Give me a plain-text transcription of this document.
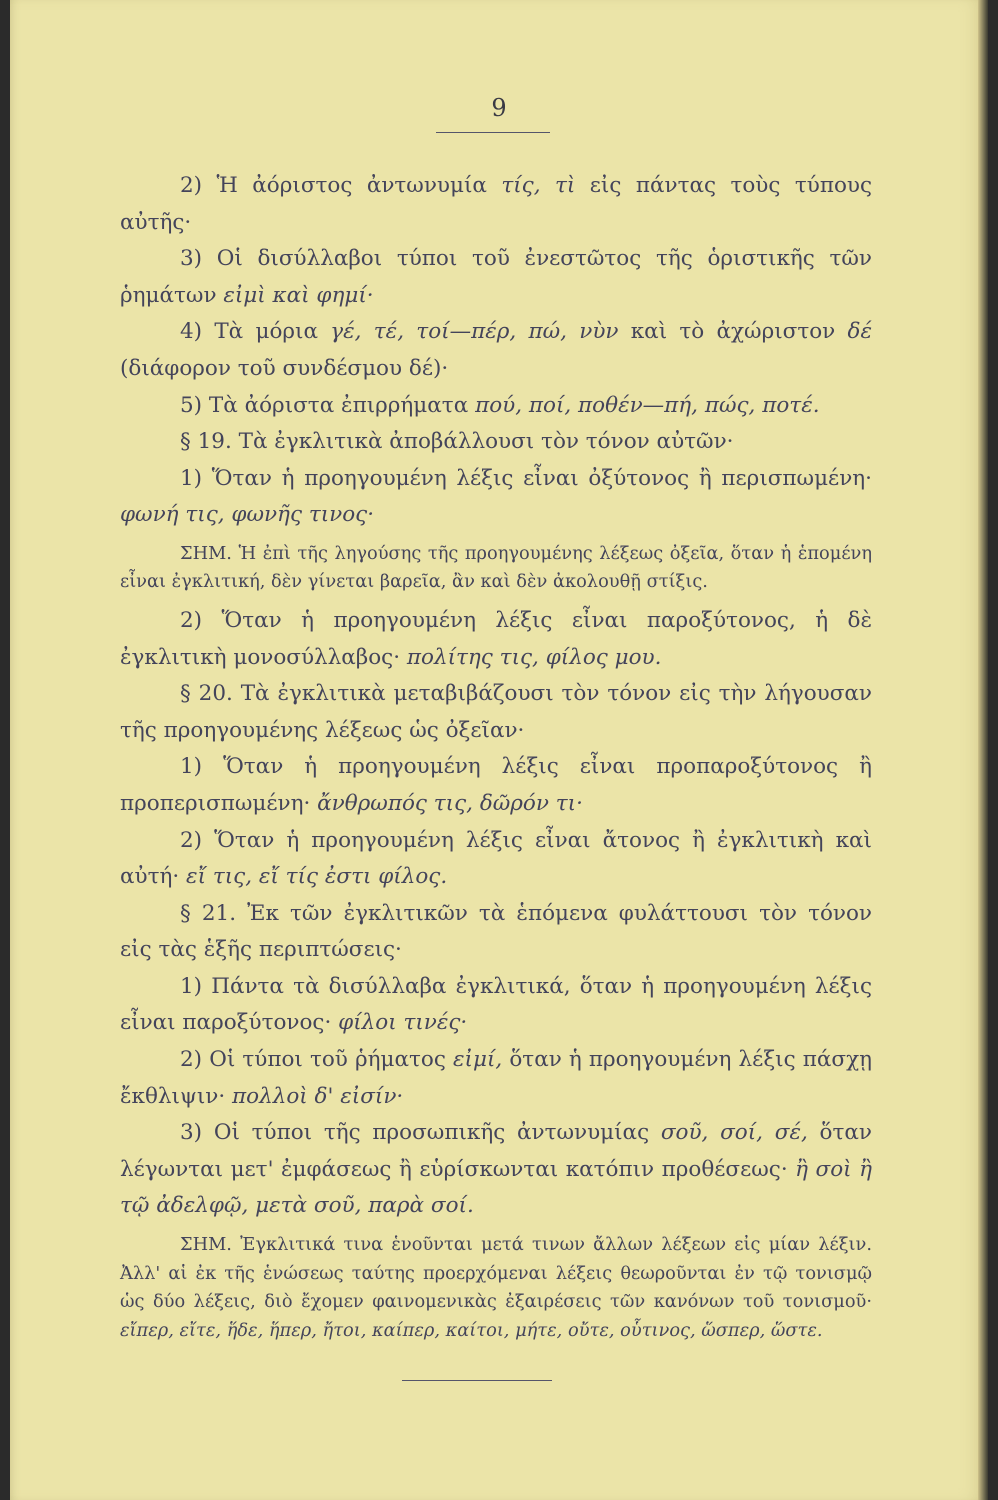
9

2) Ἡ ἀόριστος ἀντωνυμία τίς, τὶ εἰς πάντας τοὺς τύπους αὐτῆς·

3) Οἱ δισύλλαβοι τύποι τοῦ ἐνεστῶτος τῆς ὁριστικῆς τῶν ῥημάτων εἰμὶ καὶ φημί·

4) Τὰ μόρια γέ, τέ, τοί—πέρ, πώ, νὺν καὶ τὸ ἀχώριστον δέ (διάφορον τοῦ συνδέσμου δέ)·

5) Τὰ ἀόριστα ἐπιρρήματα πού, ποί, ποθέν—πή, πώς, ποτέ.

§ 19. Τὰ ἐγκλιτικὰ ἀποβάλλουσι τὸν τόνον αὐτῶν·

1) Ὅταν ἡ προηγουμένη λέξις εἶναι ὀξύτονος ἢ περισπωμένη· φωνή τις, φωνῆς τινος·

ΣΗΜ. Ἡ ἐπὶ τῆς ληγούσης τῆς προηγουμένης λέξεως ὀξεῖα, ὅταν ἡ ἑπομένη εἶναι ἐγκλιτική, δὲν γίνεται βαρεῖα, ἂν καὶ δὲν ἀκολουθῇ στίξις.

2) Ὅταν ἡ προηγουμένη λέξις εἶναι παροξύτονος, ἡ δὲ ἐγκλιτικὴ μονοσύλλαβος· πολίτης τις, φίλος μου.

§ 20. Τὰ ἐγκλιτικὰ μεταβιβάζουσι τὸν τόνον εἰς τὴν λήγουσαν τῆς προηγουμένης λέξεως ὡς ὀξεῖαν·

1) Ὅταν ἡ προηγουμένη λέξις εἶναι προπαροξύτονος ἢ προπερισπωμένη· ἄνθρωπός τις, δῶρόν τι·

2) Ὅταν ἡ προηγουμένη λέξις εἶναι ἄτονος ἢ ἐγκλιτικὴ καὶ αὐτή· εἴ τις, εἴ τίς ἐστι φίλος.

§ 21. Ἐκ τῶν ἐγκλιτικῶν τὰ ἑπόμενα φυλάττουσι τὸν τόνον εἰς τὰς ἑξῆς περιπτώσεις·

1) Πάντα τὰ δισύλλαβα ἐγκλιτικά, ὅταν ἡ προηγουμένη λέξις εἶναι παροξύτονος· φίλοι τινές·

2) Οἱ τύποι τοῦ ῥήματος εἰμί, ὅταν ἡ προηγουμένη λέξις πάσχῃ ἔκθλιψιν· πολλοὶ δ' εἰσίν·

3) Οἱ τύποι τῆς προσωπικῆς ἀντωνυμίας σοῦ, σοί, σέ, ὅταν λέγωνται μετ' ἐμφάσεως ἢ εὑρίσκωνται κατόπιν προθέσεως· ἢ σοὶ ἢ τῷ ἀδελφῷ, μετὰ σοῦ, παρὰ σοί.

ΣΗΜ. Ἐγκλιτικά τινα ἑνοῦνται μετά τινων ἄλλων λέξεων εἰς μίαν λέξιν. Ἀλλ' αἱ ἐκ τῆς ἑνώσεως ταύτης προερχόμεναι λέξεις θεωροῦνται ἐν τῷ τονισμῷ ὡς δύο λέξεις, διὸ ἔχομεν φαινομενικὰς ἐξαιρέσεις τῶν κανόνων τοῦ τονισμοῦ· εἴπερ, εἴτε, ἥδε, ἥπερ, ἤτοι, καίπερ, καίτοι, μήτε, οὔτε, οὗτινος, ὥσπερ, ὥστε.
